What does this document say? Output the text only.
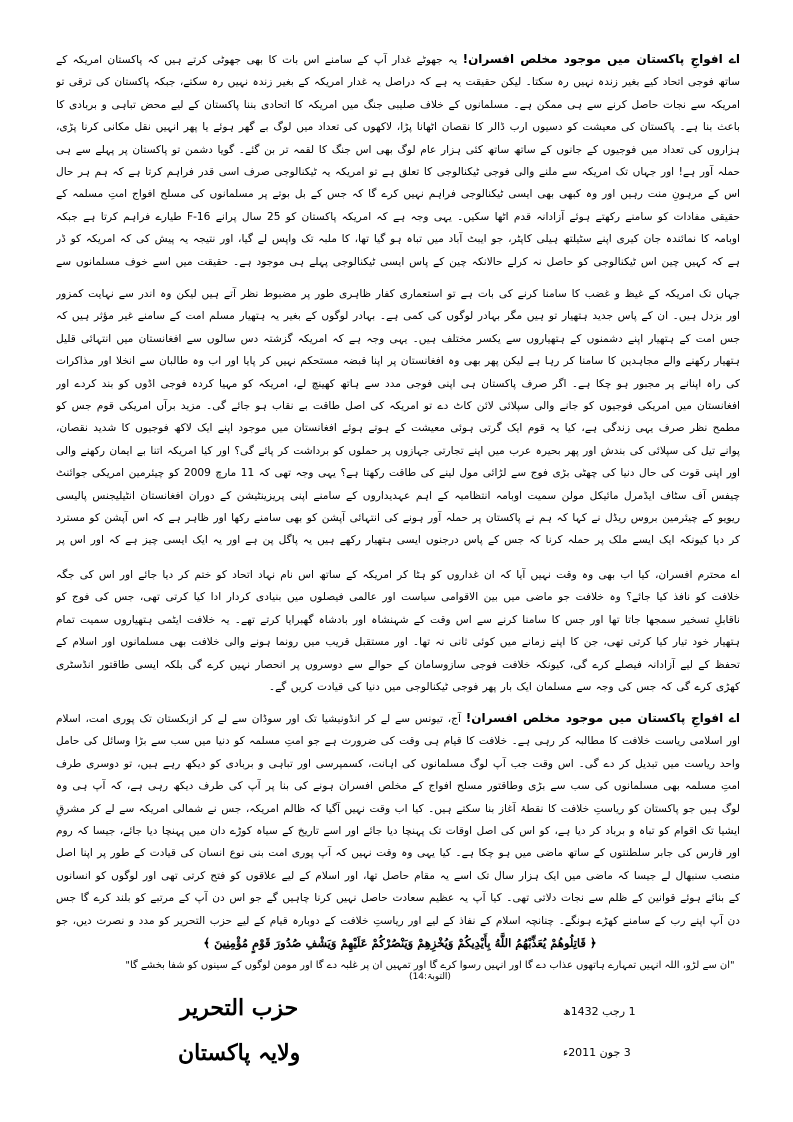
اے افواجِ پاکستان میں موجود مخلص افسران! یہ جھوٹے غدار آپ کے سامنے اس بات کا بھی جھوٹی کرتے ہیں کہ پاکستان امریکہ کے ساتھ فوجی اتحاد کیے بغیر زندہ نہیں رہ سکتا۔ لیکن حقیقت یہ ہے کہ دراصل یہ غدار امریکہ کے بغیر زندہ نہیں رہ سکتے، جبکہ پاکستان کی ترقی تو امریکہ سے نجات حاصل کرنے سے ہی ممکن ہے۔ مسلمانوں کے خلاف صلیبی جنگ میں امریکہ کا اتحادی بننا پاکستان کے لیے محض تباہی و بربادی کا باعث بنا ہے۔ پاکستان کی معیشت کو دسیوں ارب ڈالر کا نقصان اٹھانا پڑا، لاکھوں کی تعداد میں لوگ بے گھر ہوئے یا پھر انہیں نقل مکانی کرنا پڑی، ہزاروں کی تعداد میں فوجیوں کے جانوں کے ساتھ ساتھ کئی ہزار عام لوگ بھی اس جنگ کا لقمہ تر بن گئے۔ گویا دشمن تو پاکستان پر پہلے سے ہی حملہ آور ہے! اور جہاں تک امریکہ سے ملنے والی فوجی ٹیکنالوجی کا تعلق ہے تو امریکہ یہ ٹیکنالوجی صرف اسی قدر فراہم کرتا ہے کہ ہم ہر حال اس کے مرہونِ منت رہیں اور وہ کبھی بھی ایسی ٹیکنالوجی فراہم نہیں کرے گا کہ جس کے بل بوتے پر مسلمانوں کی مسلح افواج امتِ مسلمہ کے حقیقی مفادات کو سامنے رکھتے ہوئے آزادانہ قدم اٹھا سکیں۔ یہی وجہ ہے کہ امریکہ پاکستان کو 25 سال پرانے F-16 طیارے فراہم کرتا ہے جبکہ اوبامہ کا نمائندہ جان کیری اپنے سٹیلتھ ہیلی کاپٹر، جو ایبٹ آباد میں تباہ ہو گیا تھا، کا ملبہ تک واپس لے گیا، اور نتیجہ یہ پیش کی کہ امریکہ کو ڈر ہے کہ کہیں چین اس ٹیکنالوجی کو حاصل نہ کرلے حالانکہ چین کے پاس ایسی ٹیکنالوجی پہلے ہی موجود ہے۔ حقیقت میں اسے خوف مسلمانوں سے
جہاں تک امریکہ کے غیظ و غضب کا سامنا کرنے کی بات ہے تو استعماری کفار ظاہری طور پر مضبوط نظر آتے ہیں لیکن وہ اندر سے نہایت کمزور اور بزدل ہیں۔ ان کے پاس جدید ہتھیار تو ہیں مگر بہادر لوگوں کی کمی ہے۔ بہادر لوگوں کے بغیر یہ ہتھیار مسلم امت کے سامنے غیر مؤثر ہیں کہ جس امت کے ہتھیار اپنے دشمنوں کے ہتھیاروں سے یکسر مختلف ہیں۔ یہی وجہ ہے کہ امریکہ گزشتہ دس سالوں سے افغانستان میں انتہائی قلیل ہتھیار رکھنے والے مجاہدین کا سامنا کر رہا ہے لیکن پھر بھی وہ افغانستان پر اپنا قبضہ مستحکم نہیں کر پایا اور اب وہ طالبان سے انخلا اور مذاکرات کی راہ اپنانے پر مجبور ہو چکا ہے۔ اگر صرف پاکستان ہی اپنی فوجی مدد سے ہاتھ کھینچ لے، امریکہ کو مہیا کردہ فوجی اڈوں کو بند کردے اور افغانستان میں امریکی فوجیوں کو جانے والی سپلائی لائن کاٹ دے تو امریکہ کی اصل طاقت بے نقاب ہو جائے گی۔ مزید برآں امریکی قوم جس کو مطمح نظر صرف یہی زندگی ہے، کیا یہ قوم ایک گرتی ہوئی معیشت کے ہوتے ہوئے افغانستان میں موجود اپنے ایک لاکھ فوجیوں کا شدید نقصان، پوانے تیل کی سپلائی کی بندش اور پھر بحیرہ عرب میں اپنے تجارتی جہازوں پر حملوں کو برداشت کر پائے گی؟ اور کیا امریکہ اتنا بے ایمان رکھنے والی اور اپنی قوت کی حال دنیا کی چھٹی بڑی فوج سے لڑائی مول لینے کی طاقت رکھتا ہے؟ یہی وجہ تھی کہ 11 مارچ 2009 کو چیئرمین امریکی جوائنٹ چیفس آف سٹاف ایڈمرل مائیکل مولن سمیت اوبامہ انتظامیہ کے اہم عہدیداروں کے سامنے اپنی پریزینٹیشن کے دوران افغانستان انٹیلیجنس پالیسی ریویو کے چیئرمین بروس ریڈل نے کہا کہ ہم نے پاکستان پر حملہ آور ہونے کی انتہائی آپشن کو بھی سامنے رکھا اور ظاہر ہے کہ اس آپشن کو مسترد کر دیا کیونکہ ایک ایسے ملک پر حملہ کرنا کہ جس کے پاس درجنوں ایسی ہتھیار رکھے ہیں یہ پاگل پن ہے اور یہ ایک ایسی چیز ہے کہ اور اس پر
اے محترم افسران، کیا اب بھی وہ وقت نہیں آیا کہ ان غداروں کو ہٹا کر امریکہ کے ساتھ اس نام نہاد اتحاد کو ختم کر دیا جائے اور اس کی جگہ خلافت کو نافذ کیا جائے؟ وہ خلافت جو ماضی میں بین الاقوامی سیاست اور عالمی فیصلوں میں بنیادی کردار ادا کیا کرتی تھی، جس کی فوج کو ناقابلِ تسخیر سمجھا جاتا تھا اور جس کا سامنا کرنے سے اس وقت کے شہنشاہ اور بادشاہ گھبرایا کرتے تھے۔ یہ خلافت ایٹمی ہتھیاروں سمیت تمام ہتھیار خود تیار کیا کرتی تھی، جن کا اپنے زمانے میں کوئی ثانی نہ تھا۔ اور مستقبل قریب میں رونما ہونے والی خلافت بھی مسلمانوں اور اسلام کے تحفظ کے لیے آزادانہ فیصلے کرے گی، کیونکہ خلافت فوجی سازوسامان کے حوالے سے دوسروں پر انحصار نہیں کرے گی بلکہ ایسی طاقتور انڈسٹری کھڑی کرے گی کہ جس کی وجہ سے مسلمان ایک بار پھر فوجی ٹیکنالوجی میں دنیا کی قیادت کریں گے۔
اے افواجِ پاکستان میں موجود مخلص افسران! آج، تیونس سے لے کر انڈونیشیا تک اور سوڈان سے لے کر ازبکستان تک پوری امت، اسلام اور اسلامی ریاست خلافت کا مطالبہ کر رہی ہے۔ خلافت کا قیام ہی وقت کی ضرورت ہے جو امتِ مسلمہ کو دنیا میں سب سے بڑا وسائل کی حامل واحد ریاست میں تبدیل کر دے گی۔ اس وقت جب آپ لوگ مسلمانوں کی اہانت، کسمپرسی اور تباہی و بربادی کو دیکھ رہے ہیں، تو دوسری طرف امتِ مسلمہ بھی مسلمانوں کی سب سے بڑی وطاقتور مسلح افواج کے مخلص افسران ہونے کی بنا پر آپ کی طرف دیکھ رہی ہے، کہ آپ ہی وہ لوگ ہیں جو پاکستان کو ریاستِ خلافت کا نقطۂ آغاز بنا سکتے ہیں۔ کیا اب وقت نہیں آگیا کہ ظالم امریکہ، جس نے شمالی امریکہ سے لے کر مشرقِ ایشیا تک اقوام کو تباہ و برباد کر دیا ہے، کو اس کی اصل اوقات تک پہنچا دیا جائے اور اسے تاریخ کے سیاہ کوڑے دان میں پہنچا دیا جائے، جیسا کہ روم اور فارس کی جابر سلطنتوں کے ساتھ ماضی میں ہو چکا ہے۔ کیا یہی وہ وقت نہیں کہ آپ پوری امت بنی نوع انسان کی قیادت کے طور پر اپنا اصل منصب سنبھال لے جیسا کہ ماضی میں ایک ہزار سال تک اسے یہ مقام حاصل تھا، اور اسلام کے لیے علاقوں کو فتح کرتی تھی اور لوگوں کو انسانوں کے بنائے ہوئے قوانین کے ظلم سے نجات دلاتی تھی۔ کیا آپ یہ عظیم سعادت حاصل نہیں کرنا چاہیں گے جو اس دن آپ کے مرتبے کو بلند کرے گا جس دن آپ اپنے رب کے سامنے کھڑے ہونگے۔ چنانچہ اسلام کے نفاذ کے لیے اور ریاستِ خلافت کے دوبارہ قیام کے لیے حزب التحریر کو مدد و نصرت دیں، جو
﴿ قَاتِلُوهُمْ يُعَذِّبْهُمُ اللَّهُ بِأَيْدِيكُمْ وَيُخْزِهِمْ وَيَنْصُرْكُمْ عَلَيْهِمْ وَيَشْفِ صُدُورَ قَوْمٍ مُؤْمِنِينَ ﴾
"ان سے لڑو، اللہ انہیں تمہارے ہاتھوں عذاب دے گا اور انہیں رسوا کرے گا اور تمہیں ان پر غلبہ دے گا اور مومن لوگوں کے سینوں کو شفا بخشے گا" (التوبۃ:14)
حزب التحریر
ولایہ پاکستان
1 رجب 1432ھ
3 جون 2011ء
